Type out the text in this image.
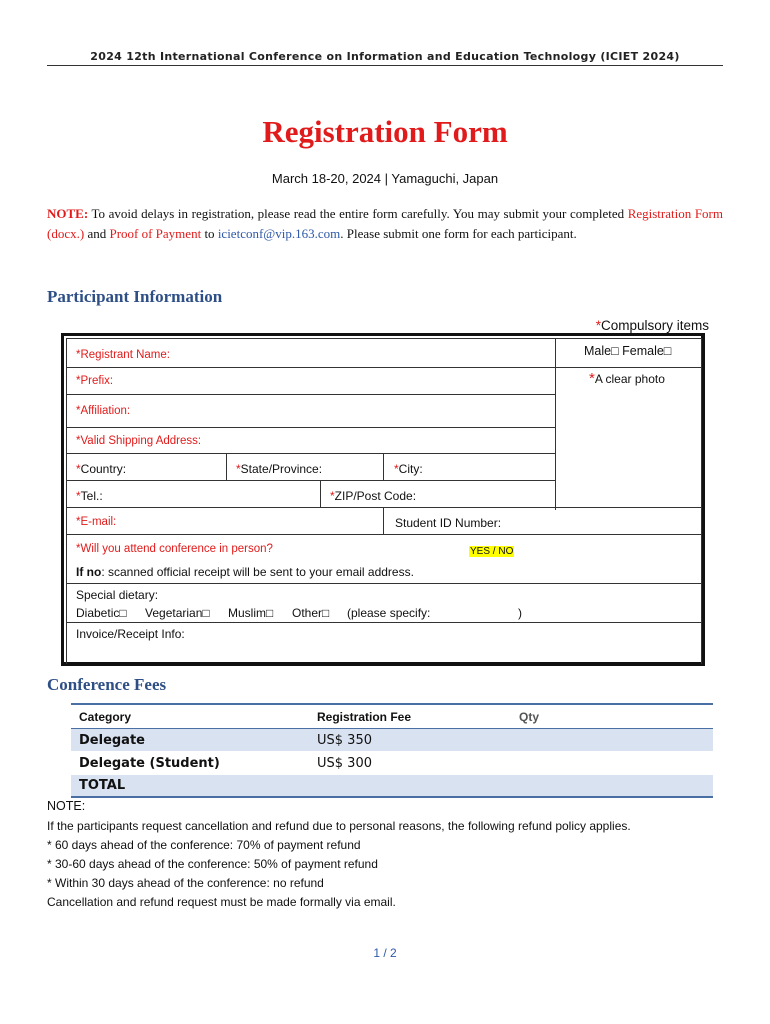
2024 12th International Conference on Information and Education Technology (ICIET 2024)
Registration Form
March 18-20, 2024 | Yamaguchi, Japan
NOTE: To avoid delays in registration, please read the entire form carefully. You may submit your completed Registration Form (docx.) and Proof of Payment to icietconf@vip.163.com. Please submit one form for each participant.
Participant Information
*Compulsory items
*Registrant Name:	Male□ Female□
*Prefix:	*A clear photo
*Affiliation:
*Valid Shipping Address:
*Country:	*State/Province:	*City:
*Tel.:	*ZIP/Post Code:
*E-mail:	Student ID Number:
*Will you attend conference in person?	YES / NO
If no: scanned official receipt will be sent to your email address.
Special dietary:
Diabetic□ Vegetarian□ Muslim□ Other□ (please specify:	)
Invoice/Receipt Info:
Conference Fees
Category	Registration Fee	Qty
Delegate	US$ 350
Delegate (Student)	US$ 300
TOTAL
NOTE:
If the participants request cancellation and refund due to personal reasons, the following refund policy applies.
* 60 days ahead of the conference: 70% of payment refund
* 30-60 days ahead of the conference: 50% of payment refund
* Within 30 days ahead of the conference: no refund
Cancellation and refund request must be made formally via email.
1 / 2
